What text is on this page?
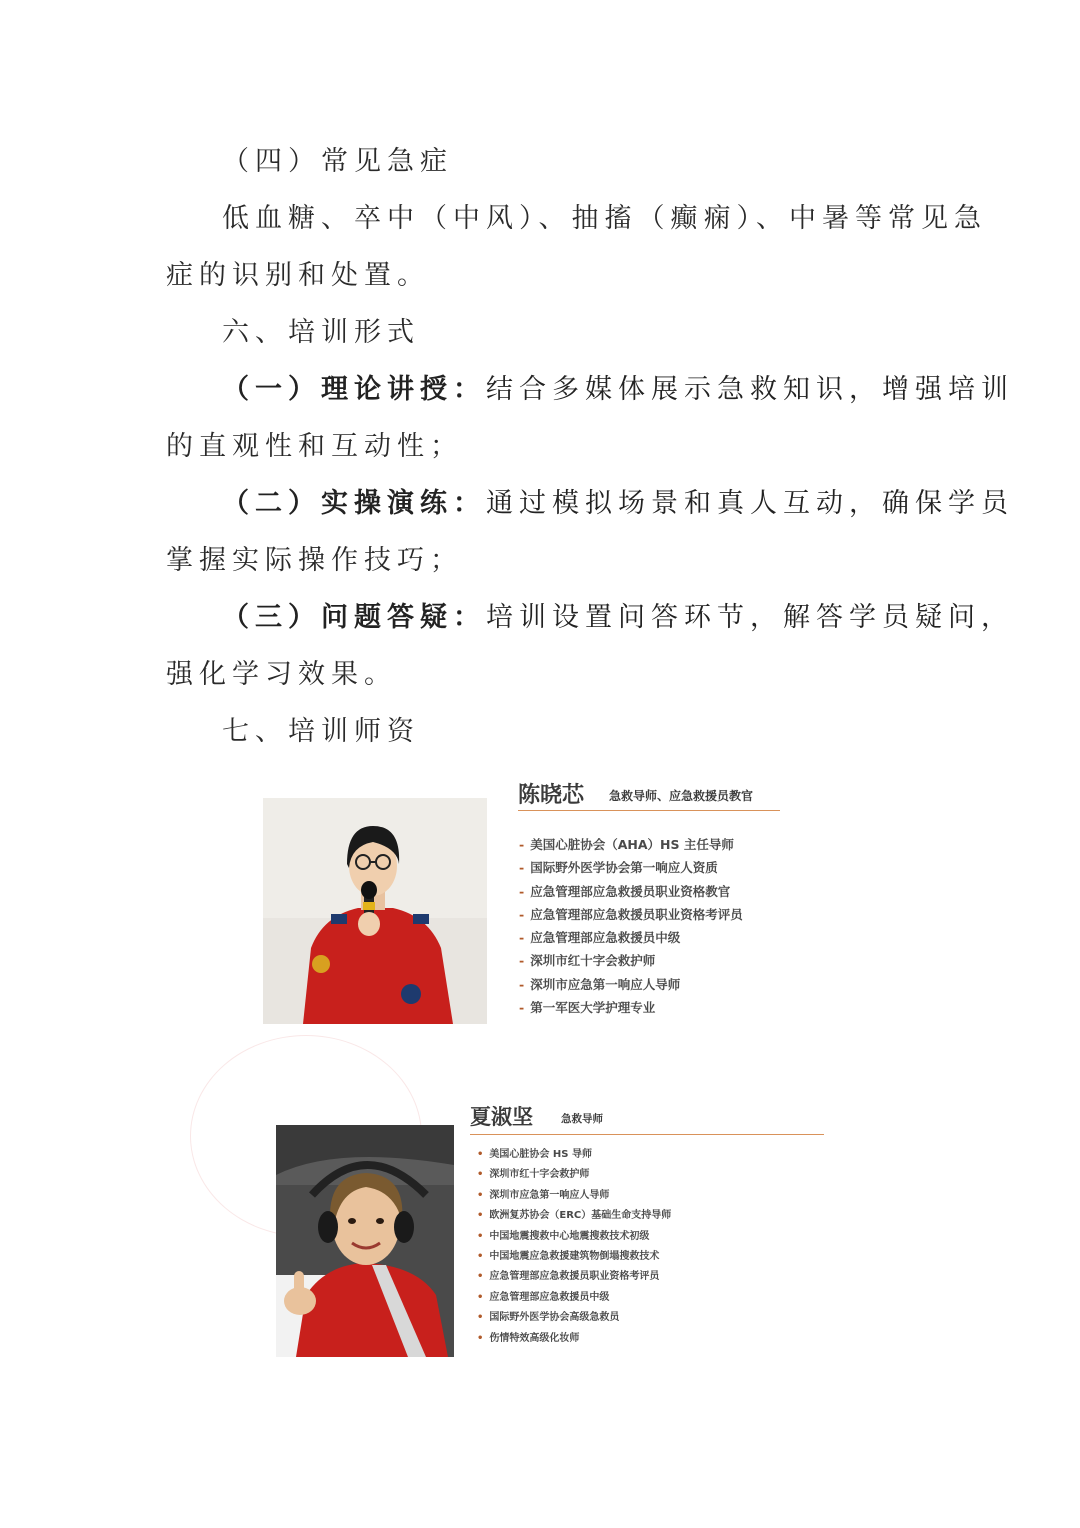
（四）常见急症
低血糖、卒中（中风）、抽搐（癫痫）、中暑等常见急
症的识别和处置。
六、培训形式
（一）理论讲授：结合多媒体展示急救知识，增强培训
的直观性和互动性；
（二）实操演练：通过模拟场景和真人互动，确保学员
掌握实际操作技巧；
（三）问题答疑：培训设置问答环节，解答学员疑问，
强化学习效果。
七、培训师资
陈晓芯 急救导师、应急救援员教官
- 美国心脏协会（AHA）HS 主任导师
- 国际野外医学协会第一响应人资质
- 应急管理部应急救援员职业资格教官
- 应急管理部应急救援员职业资格考评员
- 应急管理部应急救援员中级
- 深圳市红十字会救护师
- 深圳市应急第一响应人导师
- 第一军医大学护理专业
夏淑坚	急救导师
• 美国心脏协会 HS 导师
• 深圳市红十字会救护师
• 深圳市应急第一响应人导师
• 欧洲复苏协会（ERC）基础生命支持导师
• 中国地震搜救中心地震搜救技术初级
• 中国地震应急救援建筑物倒塌搜救技术
• 应急管理部应急救援员职业资格考评员
• 应急管理部应急救援员中级
• 国际野外医学协会高级急救员
• 伤情特效高级化妆师
